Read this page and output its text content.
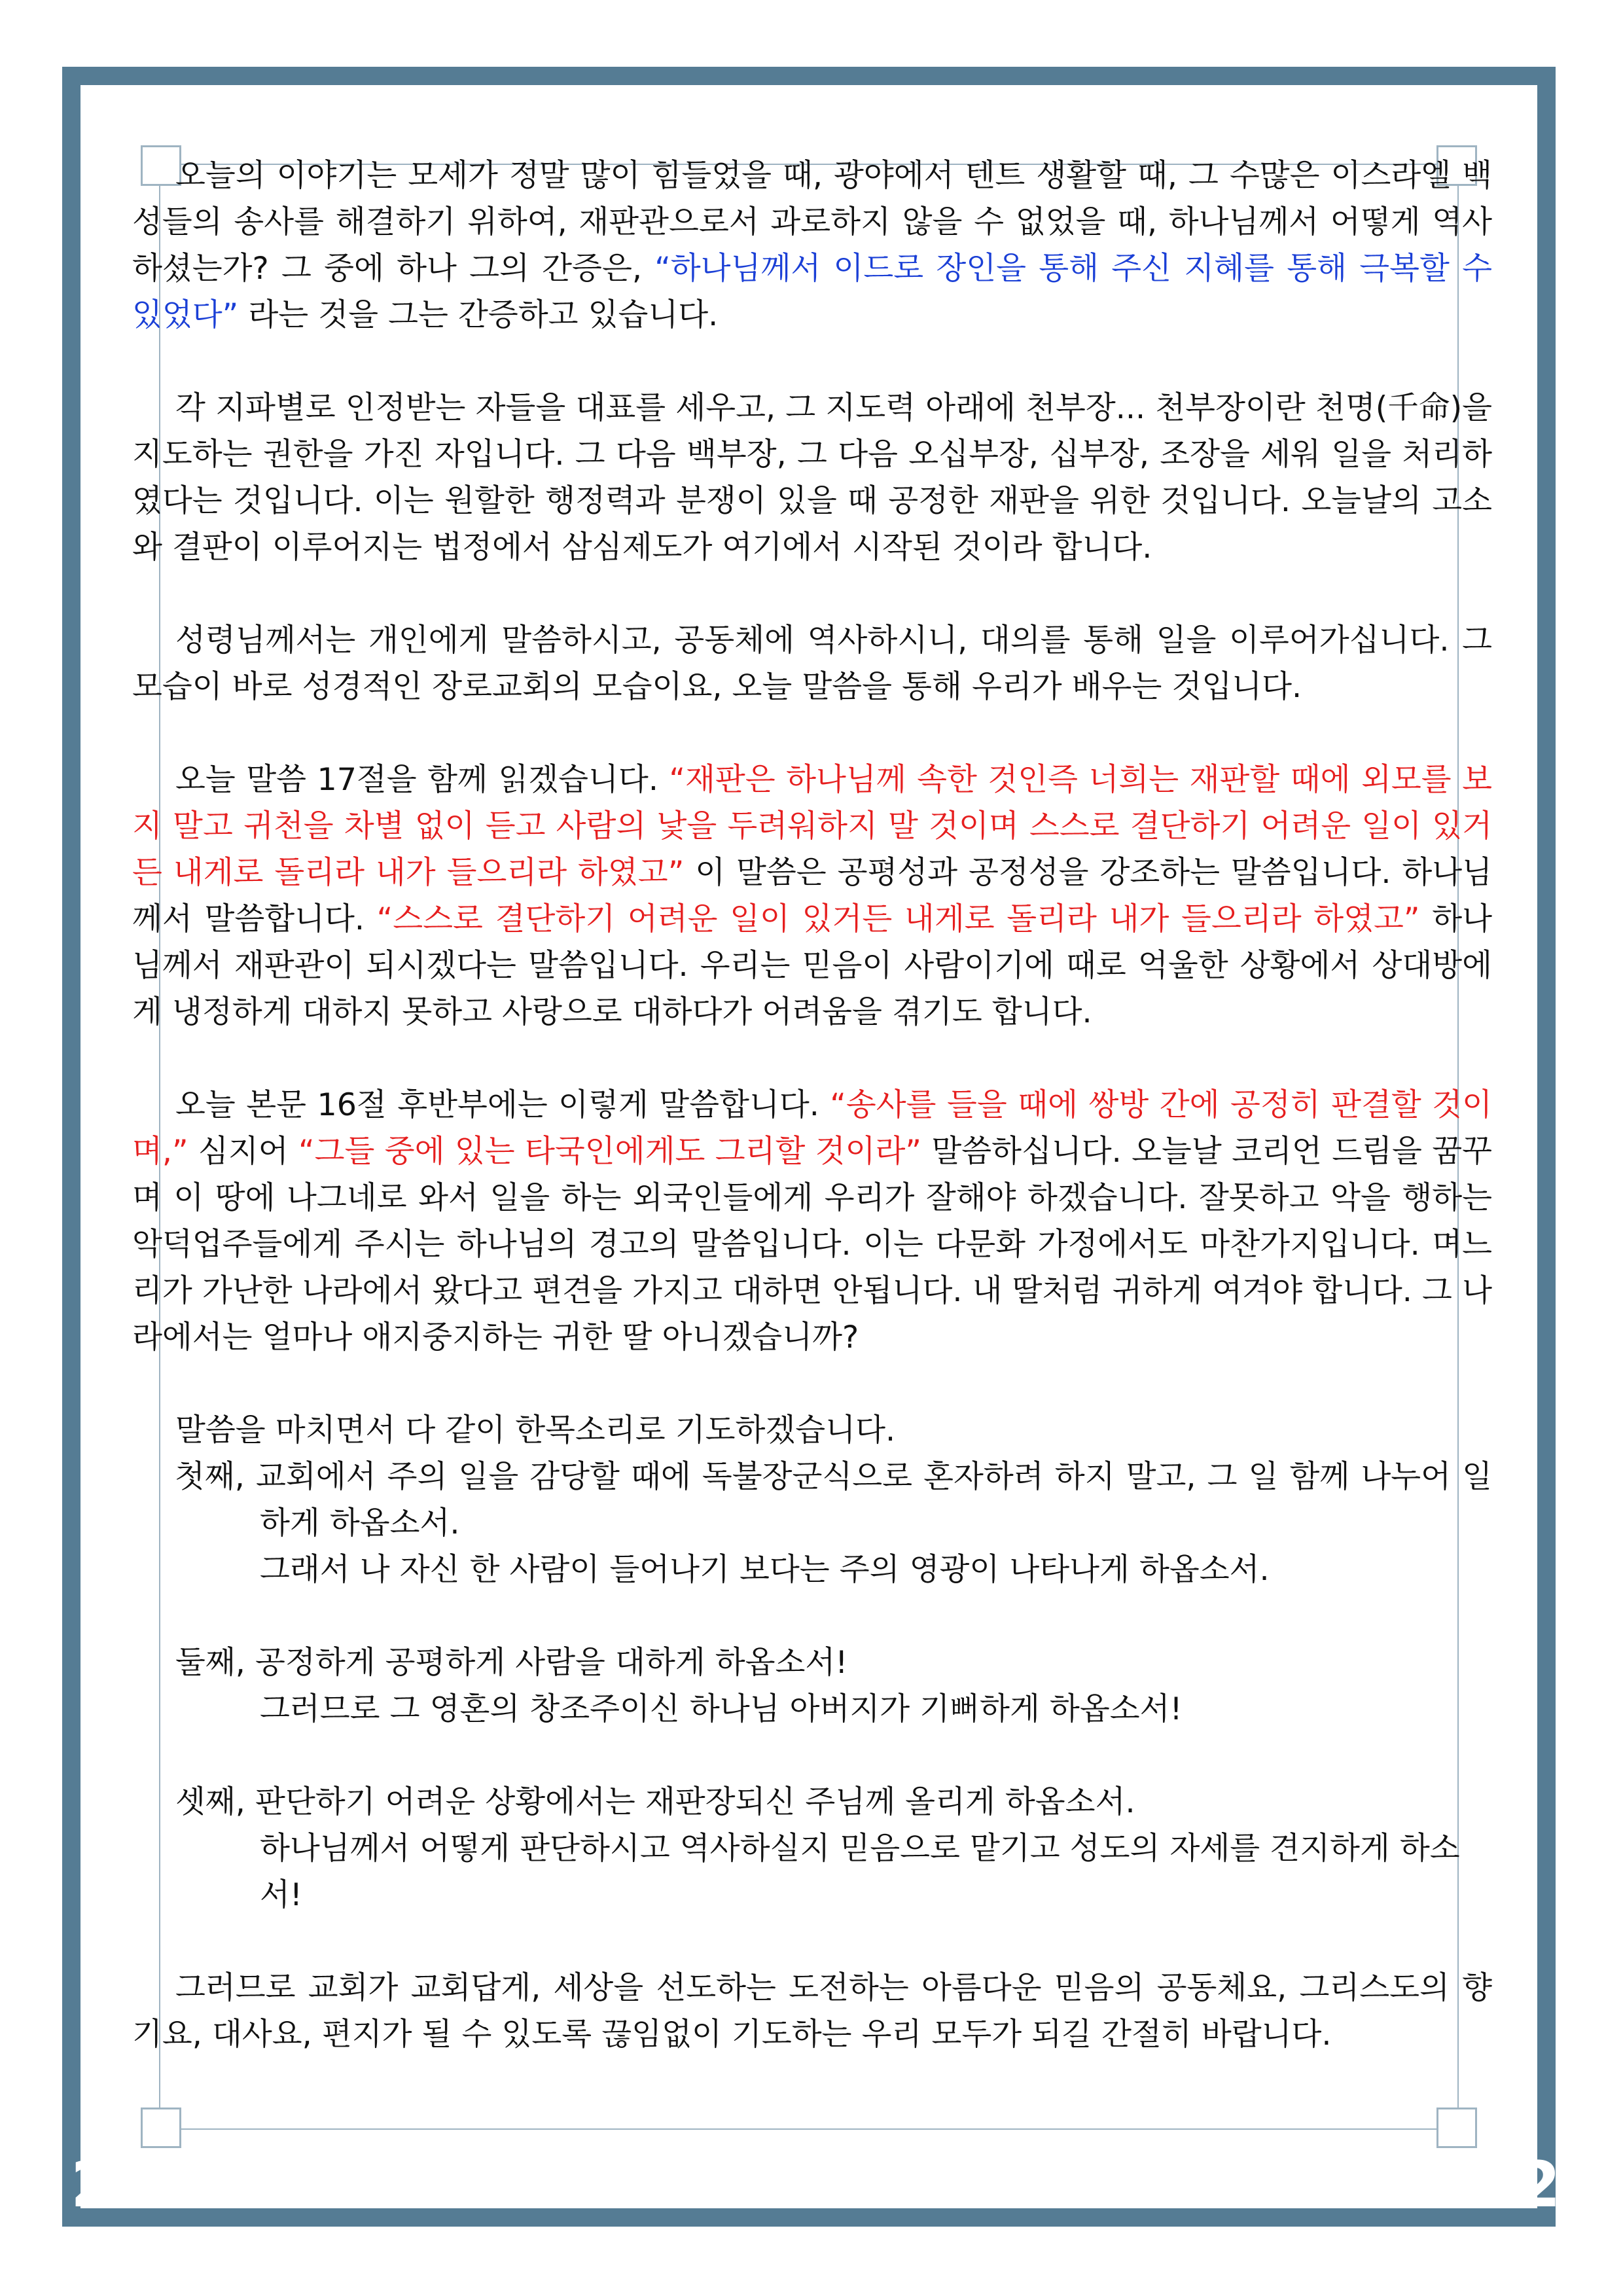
2	2

오늘의 이야기는 모세가 정말 많이 힘들었을 때, 광야에서 텐트 생활할 때, 그 수많은 이스라엘 백성들의 송사를 해결하기 위하여, 재판관으로서 과로하지 않을 수 없었을 때, 하나님께서 어떻게 역사하셨는가? 그 중에 하나 그의 간증은, “하나님께서 이드로 장인을 통해 주신 지혜를 통해 극복할 수 있었다” 라는 것을 그는 간증하고 있습니다.

각 지파별로 인정받는 자들을 대표를 세우고, 그 지도력 아래에 천부장... 천부장이란 천명(千命)을 지도하는 권한을 가진 자입니다. 그 다음 백부장, 그 다음 오십부장, 십부장, 조장을 세워 일을 처리하였다는 것입니다. 이는 원할한 행정력과 분쟁이 있을 때 공정한 재판을 위한 것입니다. 오늘날의 고소와 결판이 이루어지는 법정에서 삼심제도가 여기에서 시작된 것이라 합니다.

성령님께서는 개인에게 말씀하시고, 공동체에 역사하시니, 대의를 통해 일을 이루어가십니다. 그 모습이 바로 성경적인 장로교회의 모습이요, 오늘 말씀을 통해 우리가 배우는 것입니다.

오늘 말씀 17절을 함께 읽겠습니다. “재판은 하나님께 속한 것인즉 너희는 재판할 때에 외모를 보지 말고 귀천을 차별 없이 듣고 사람의 낯을 두려워하지 말 것이며 스스로 결단하기 어려운 일이 있거든 내게로 돌리라 내가 들으리라 하였고” 이 말씀은 공평성과 공정성을 강조하는 말씀입니다. 하나님께서 말씀합니다. “스스로 결단하기 어려운 일이 있거든 내게로 돌리라 내가 들으리라 하였고” 하나님께서 재판관이 되시겠다는 말씀입니다. 우리는 믿음이 사람이기에 때로 억울한 상황에서 상대방에게 냉정하게 대하지 못하고 사랑으로 대하다가 어려움을 겪기도 합니다.

오늘 본문 16절 후반부에는 이렇게 말씀합니다. “송사를 들을 때에 쌍방 간에 공정히 판결할 것이며,” 심지어 “그들 중에 있는 타국인에게도 그리할 것이라” 말씀하십니다. 오늘날 코리언 드림을 꿈꾸며 이 땅에 나그네로 와서 일을 하는 외국인들에게 우리가 잘해야 하겠습니다. 잘못하고 악을 행하는 악덕업주들에게 주시는 하나님의 경고의 말씀입니다. 이는 다문화 가정에서도 마찬가지입니다. 며느리가 가난한 나라에서 왔다고 편견을 가지고 대하면 안됩니다. 내 딸처럼 귀하게 여겨야 합니다. 그 나라에서는 얼마나 애지중지하는 귀한 딸 아니겠습니까?

말씀을 마치면서 다 같이 한목소리로 기도하겠습니다.

첫째, 교회에서 주의 일을 감당할 때에 독불장군식으로 혼자하려 하지 말고, 그 일 함께 나누어 일하게 하옵소서.

그래서 나 자신 한 사람이 들어나기 보다는 주의 영광이 나타나게 하옵소서.

둘째, 공정하게 공평하게 사람을 대하게 하옵소서!

그러므로 그 영혼의 창조주이신 하나님 아버지가 기뻐하게 하옵소서!

셋째, 판단하기 어려운 상황에서는 재판장되신 주님께 올리게 하옵소서.

하나님께서 어떻게 판단하시고 역사하실지 믿음으로 맡기고 성도의 자세를 견지하게 하소서!

그러므로 교회가 교회답게, 세상을 선도하는 도전하는 아름다운 믿음의 공동체요, 그리스도의 향기요, 대사요, 편지가 될 수 있도록 끊임없이 기도하는 우리 모두가 되길 간절히 바랍니다.
